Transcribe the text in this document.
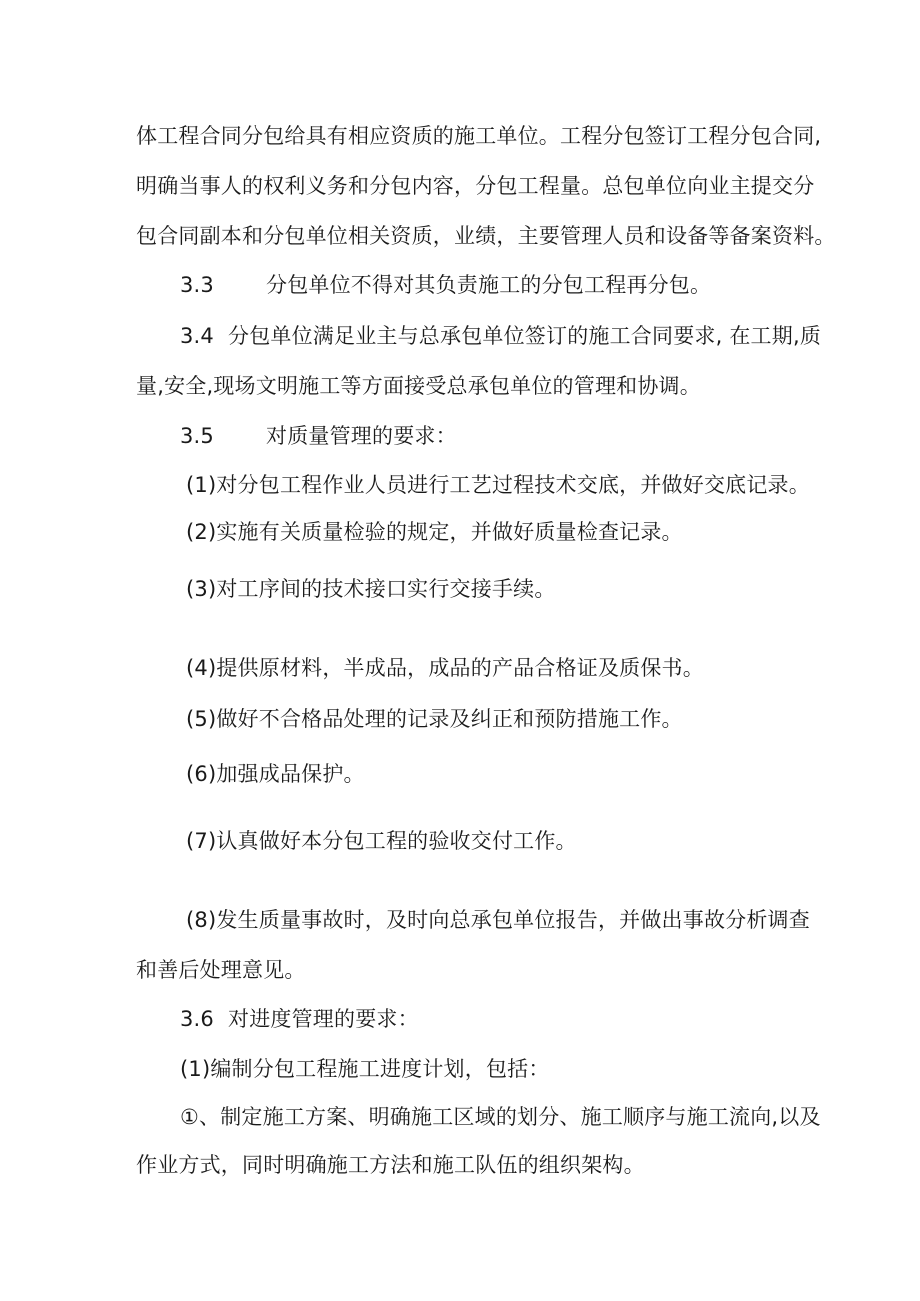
体工程合同分包给具有相应资质的施工单位。工程分包签订工程分包合同,
明确当事人的权利义务和分包内容，分包工程量。总包单位向业主提交分
包合同副本和分包单位相关资质，业绩，主要管理人员和设备等备案资料。
3.3 分包单位不得对其负责施工的分包工程再分包。
3.4 分包单位满足业主与总承包单位签订的施工合同要求, 在工期,质
量,安全,现场文明施工等方面接受总承包单位的管理和协调。
3.5 对质量管理的要求：
(1)对分包工程作业人员进行工艺过程技术交底，并做好交底记录。
(2)实施有关质量检验的规定，并做好质量检查记录。
(3)对工序间的技术接口实行交接手续。
(4)提供原材料，半成品，成品的产品合格证及质保书。
(5)做好不合格品处理的记录及纠正和预防措施工作。
(6)加强成品保护。
(7)认真做好本分包工程的验收交付工作。
(8)发生质量事故时，及时向总承包单位报告，并做出事故分析调查
和善后处理意见。
3.6 对进度管理的要求：
(1)编制分包工程施工进度计划，包括：
①、制定施工方案、明确施工区域的划分、施工顺序与施工流向,以及
作业方式，同时明确施工方法和施工队伍的组织架构。
